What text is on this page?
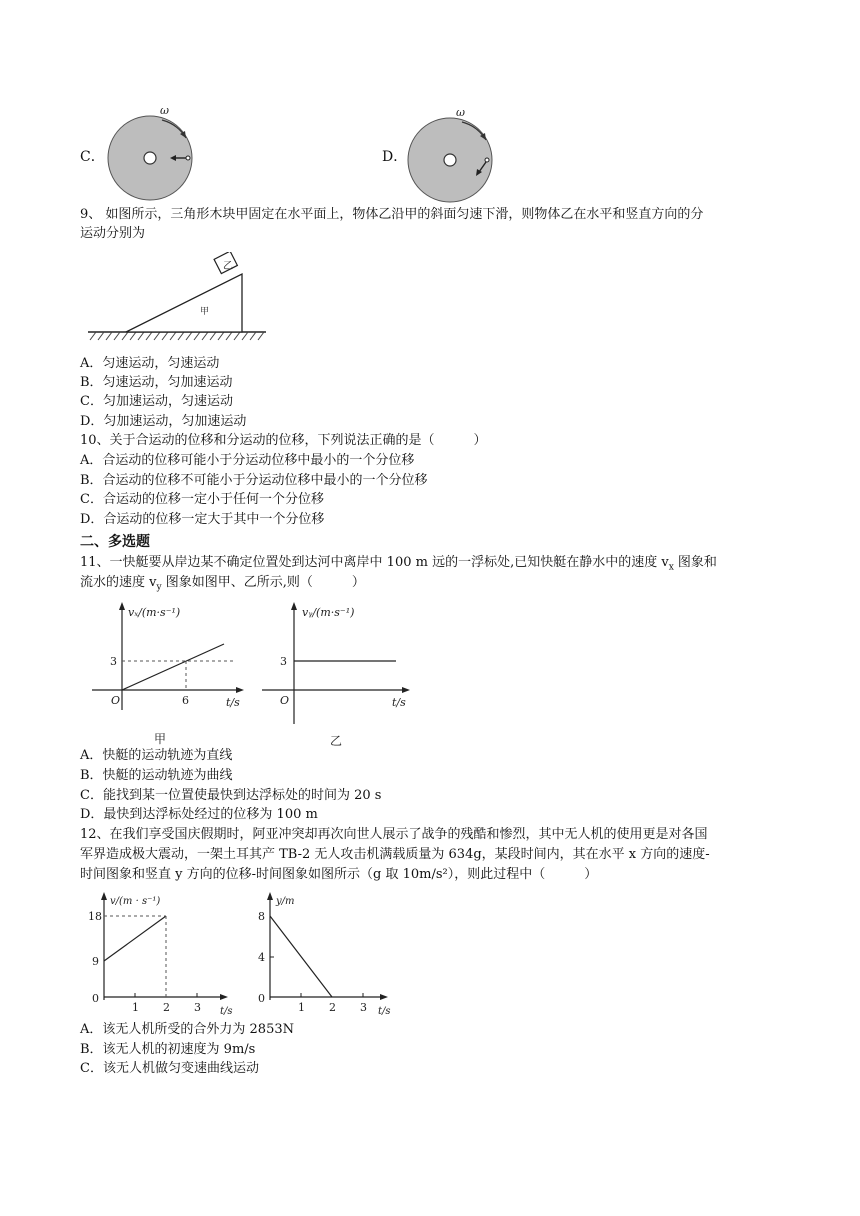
C．
ω
D．
ω
9、 如图所示，三角形木块甲固定在水平面上，物体乙沿甲的斜面匀速下滑，则物体乙在水平和竖直方向的分
运动分别为
乙
甲
A．匀速运动，匀速运动
B．匀速运动，匀加速运动
C．匀加速运动，匀速运动
D．匀加速运动，匀加速运动
10、关于合运动的位移和分运动的位移，下列说法正确的是（　　　）
A．合运动的位移可能小于分运动位移中最小的一个分位移
B．合运动的位移不可能小于分运动位移中最小的一个分位移
C．合运动的位移一定小于任何一个分位移
D．合运动的位移一定大于其中一个分位移
二、多选题
11、一快艇要从岸边某不确定位置处到达河中离岸中 100 m 远的一浮标处,已知快艇在静水中的速度 $v_x$ 图象和
流水的速度 $v_y$ 图象如图甲、乙所示,则（　　　）
vₓ/(m·s⁻¹)
t/s
O
3
6
甲
vᵧ/(m·s⁻¹)
t/s
O
3
乙
A．快艇的运动轨迹为直线
B．快艇的运动轨迹为曲线
C．能找到某一位置使最快到达浮标处的时间为 20 s
D．最快到达浮标处经过的位移为 100 m
12、在我们享受国庆假期时，阿亚冲突却再次向世人展示了战争的残酷和惨烈，其中无人机的使用更是对各国
军界造成极大震动，一架土耳其产 TB-2 无人攻击机满载质量为 634g，某段时间内，其在水平 x 方向的速度-
时间图象和竖直 y 方向的位移-时间图象如图所示（g 取 10m/s²），则此过程中（　　　）
v/(m · s⁻¹)
t/s
18
9
0
1 2 3
y/m
t/s
8
4
0
1 2 3
A．该无人机所受的合外力为 2853N
B．该无人机的初速度为 9m/s
C．该无人机做匀变速曲线运动
